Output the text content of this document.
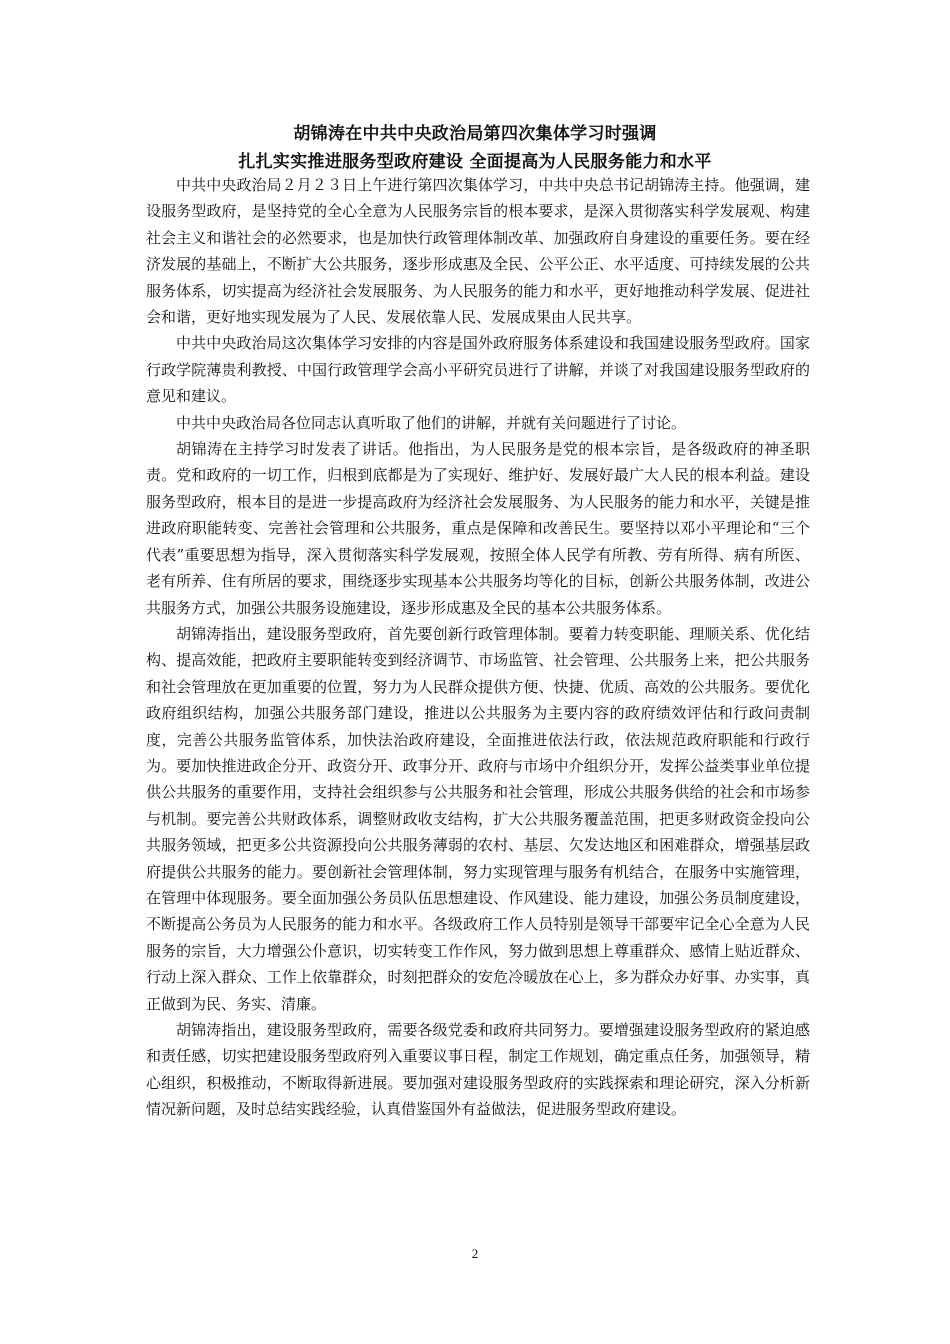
胡锦涛在中共中央政治局第四次集体学习时强调
扎扎实实推进服务型政府建设 全面提高为人民服务能力和水平

中共中央政治局２月２３日上午进行第四次集体学习，中共中央总书记胡锦涛主持。他强调，建设服务型政府，是坚持党的全心全意为人民服务宗旨的根本要求，是深入贯彻落实科学发展观、构建社会主义和谐社会的必然要求，也是加快行政管理体制改革、加强政府自身建设的重要任务。要在经济发展的基础上，不断扩大公共服务，逐步形成惠及全民、公平公正、水平适度、可持续发展的公共服务体系，切实提高为经济社会发展服务、为人民服务的能力和水平，更好地推动科学发展、促进社会和谐，更好地实现发展为了人民、发展依靠人民、发展成果由人民共享。

中共中央政治局这次集体学习安排的内容是国外政府服务体系建设和我国建设服务型政府。国家行政学院薄贵利教授、中国行政管理学会高小平研究员进行了讲解，并谈了对我国建设服务型政府的意见和建议。

中共中央政治局各位同志认真听取了他们的讲解，并就有关问题进行了讨论。

胡锦涛在主持学习时发表了讲话。他指出，为人民服务是党的根本宗旨，是各级政府的神圣职责。党和政府的一切工作，归根到底都是为了实现好、维护好、发展好最广大人民的根本利益。建设服务型政府，根本目的是进一步提高政府为经济社会发展服务、为人民服务的能力和水平，关键是推进政府职能转变、完善社会管理和公共服务，重点是保障和改善民生。要坚持以邓小平理论和“三个代表”重要思想为指导，深入贯彻落实科学发展观，按照全体人民学有所教、劳有所得、病有所医、老有所养、住有所居的要求，围绕逐步实现基本公共服务均等化的目标，创新公共服务体制，改进公共服务方式，加强公共服务设施建设，逐步形成惠及全民的基本公共服务体系。

胡锦涛指出，建设服务型政府，首先要创新行政管理体制。要着力转变职能、理顺关系、优化结构、提高效能，把政府主要职能转变到经济调节、市场监管、社会管理、公共服务上来，把公共服务和社会管理放在更加重要的位置，努力为人民群众提供方便、快捷、优质、高效的公共服务。要优化政府组织结构，加强公共服务部门建设，推进以公共服务为主要内容的政府绩效评估和行政问责制度，完善公共服务监管体系，加快法治政府建设，全面推进依法行政，依法规范政府职能和行政行为。要加快推进政企分开、政资分开、政事分开、政府与市场中介组织分开，发挥公益类事业单位提供公共服务的重要作用，支持社会组织参与公共服务和社会管理，形成公共服务供给的社会和市场参与机制。要完善公共财政体系，调整财政收支结构，扩大公共服务覆盖范围，把更多财政资金投向公共服务领域，把更多公共资源投向公共服务薄弱的农村、基层、欠发达地区和困难群众，增强基层政府提供公共服务的能力。要创新社会管理体制，努力实现管理与服务有机结合，在服务中实施管理，在管理中体现服务。要全面加强公务员队伍思想建设、作风建设、能力建设，加强公务员制度建设，不断提高公务员为人民服务的能力和水平。各级政府工作人员特别是领导干部要牢记全心全意为人民服务的宗旨，大力增强公仆意识，切实转变工作作风，努力做到思想上尊重群众、感情上贴近群众、行动上深入群众、工作上依靠群众，时刻把群众的安危冷暖放在心上，多为群众办好事、办实事，真正做到为民、务实、清廉。

胡锦涛指出，建设服务型政府，需要各级党委和政府共同努力。要增强建设服务型政府的紧迫感和责任感，切实把建设服务型政府列入重要议事日程，制定工作规划，确定重点任务，加强领导，精心组织，积极推动，不断取得新进展。要加强对建设服务型政府的实践探索和理论研究，深入分析新情况新问题，及时总结实践经验，认真借鉴国外有益做法，促进服务型政府建设。

2
